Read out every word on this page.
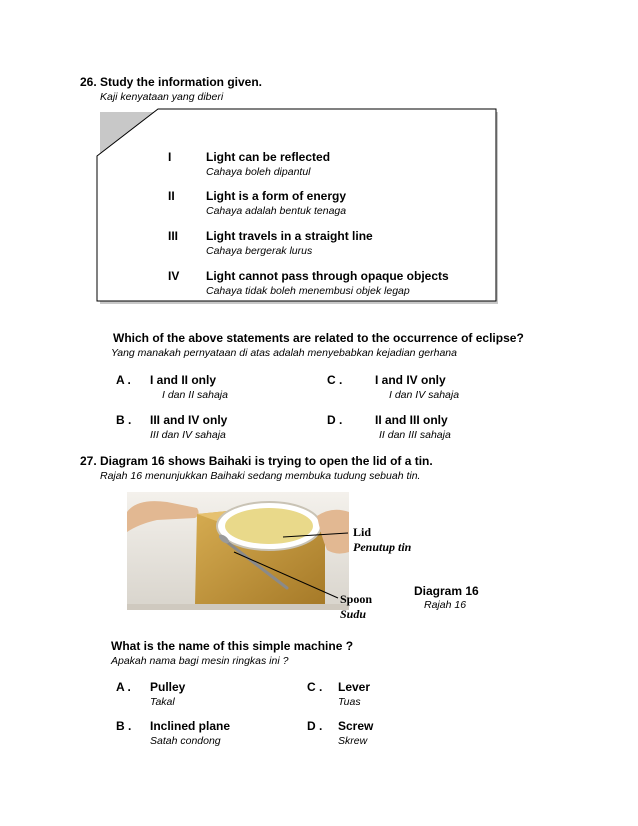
26. Study the information given.
Kaji kenyataan yang diberi
I	Light can be reflected
Cahaya boleh dipantul
II	Light is a form of energy
Cahaya adalah bentuk tenaga
III Light travels in a straight line
Cahaya bergerak lurus
IV Light cannot pass through opaque objects
Cahaya tidak boleh menembusi objek legap
Which of the above statements are related to the occurrence of eclipse?
Yang manakah pernyataan di atas adalah menyebabkan kejadian gerhana
A . I and II only
I dan II sahaja
B . III and IV only
III dan IV sahaja
C .	I and IV only
I dan IV sahaja
D .	II and III only
II dan III sahaja
27. Diagram 16 shows Baihaki is trying to open the lid of a tin.
Rajah 16 menunjukkan Baihaki sedang membuka tudung sebuah tin.
Lid
Penutup tin
Spoon
Sudu
Diagram 16
Rajah 16
What is the name of this simple machine ?
Apakah nama bagi mesin ringkas ini ?
A . Pulley
Takal
B . Inclined plane
Satah condong
C . Lever
Tuas
D . Screw
Skrew
